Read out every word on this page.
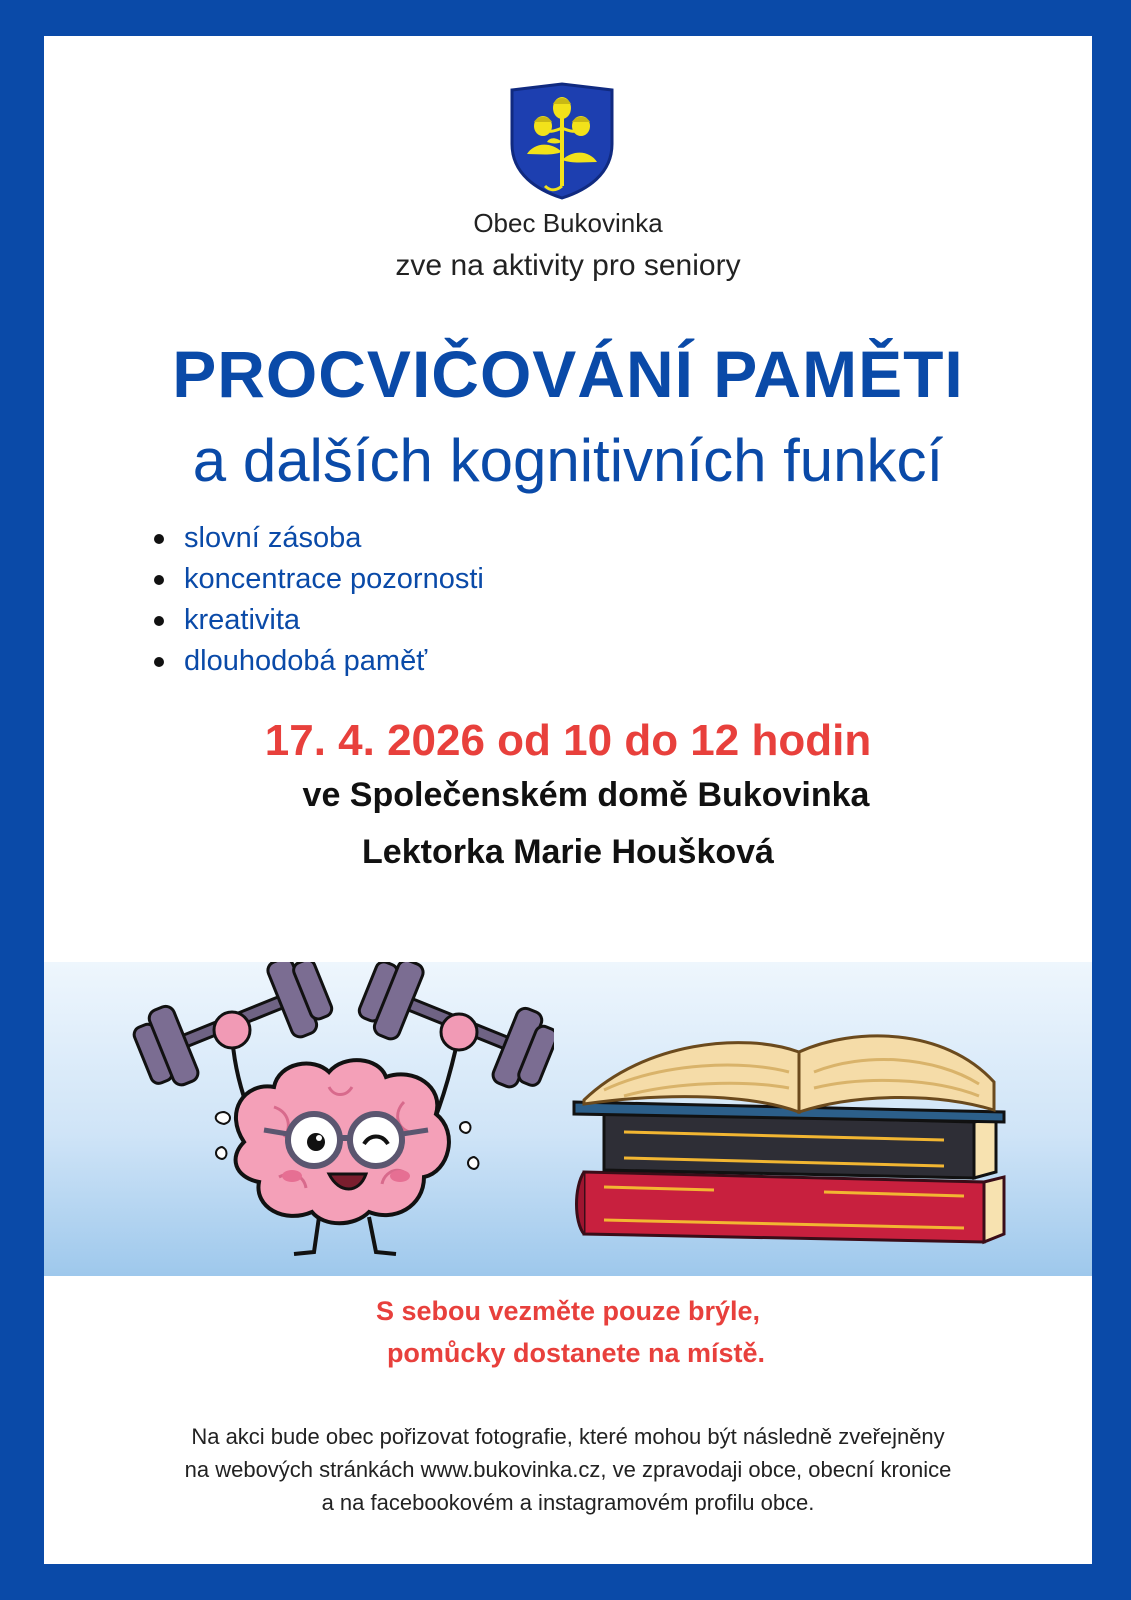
Obec Bukovinka
zve na aktivity pro seniory
PROCVIČOVÁNÍ PAMĚTI
a dalších kognitivních funkcí
slovní zásoba
koncentrace pozornosti
kreativita
dlouhodobá paměť
17. 4. 2026 od 10 do 12 hodin
ve Společenském domě Bukovinka
Lektorka Marie Houšková
S sebou vezměte pouze brýle,
pomůcky dostanete na místě.
Na akci bude obec pořizovat fotografie, které mohou být následně zveřejněny
na webových stránkách www.bukovinka.cz, ve zpravodaji obce, obecní kronice
a na facebookovém a instagramovém profilu obce.
